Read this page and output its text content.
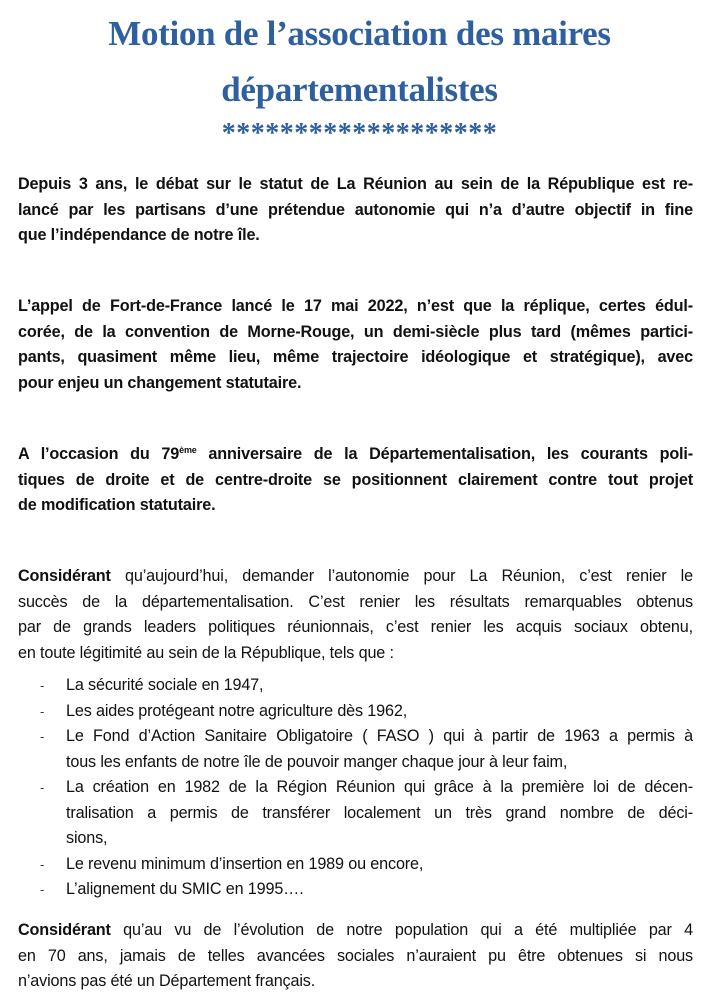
Motion de l’association des maires
départementalistes
*******************
Depuis 3 ans, le débat sur le statut de La Réunion au sein de la République est re-
lancé par les partisans d’une prétendue autonomie qui n’a d’autre objectif in fine
que l’indépendance de notre île.
L’appel de Fort-de-France lancé le 17 mai 2022, n’est que la réplique, certes édul-
corée, de la convention de Morne-Rouge, un demi-siècle plus tard (mêmes partici-
pants, quasiment même lieu, même trajectoire idéologique et stratégique), avec
pour enjeu un changement statutaire.
A l’occasion du 79ème anniversaire de la Départementalisation, les courants poli-
tiques de droite et de centre-droite se positionnent clairement contre tout projet
de modification statutaire.
Considérant qu’aujourd’hui, demander l’autonomie pour La Réunion, c’est renier le
succès de la départementalisation. C’est renier les résultats remarquables obtenus
par de grands leaders politiques réunionnais, c’est renier les acquis sociaux obtenu,
en toute légitimité au sein de la République, tels que :
- La sécurité sociale en 1947,
- Les aides protégeant notre agriculture dès 1962,
- Le Fond d’Action Sanitaire Obligatoire ( FASO ) qui à partir de 1963 a permis à
tous les enfants de notre île de pouvoir manger chaque jour à leur faim,
- La création en 1982 de la Région Réunion qui grâce à la première loi de décen-
tralisation a permis de transférer localement un très grand nombre de déci-
sions,
- Le revenu minimum d’insertion en 1989 ou encore,
- L’alignement du SMIC en 1995….
Considérant qu’au vu de l’évolution de notre population qui a été multipliée par 4
en 70 ans, jamais de telles avancées sociales n’auraient pu être obtenues si nous
n’avions pas été un Département français.
